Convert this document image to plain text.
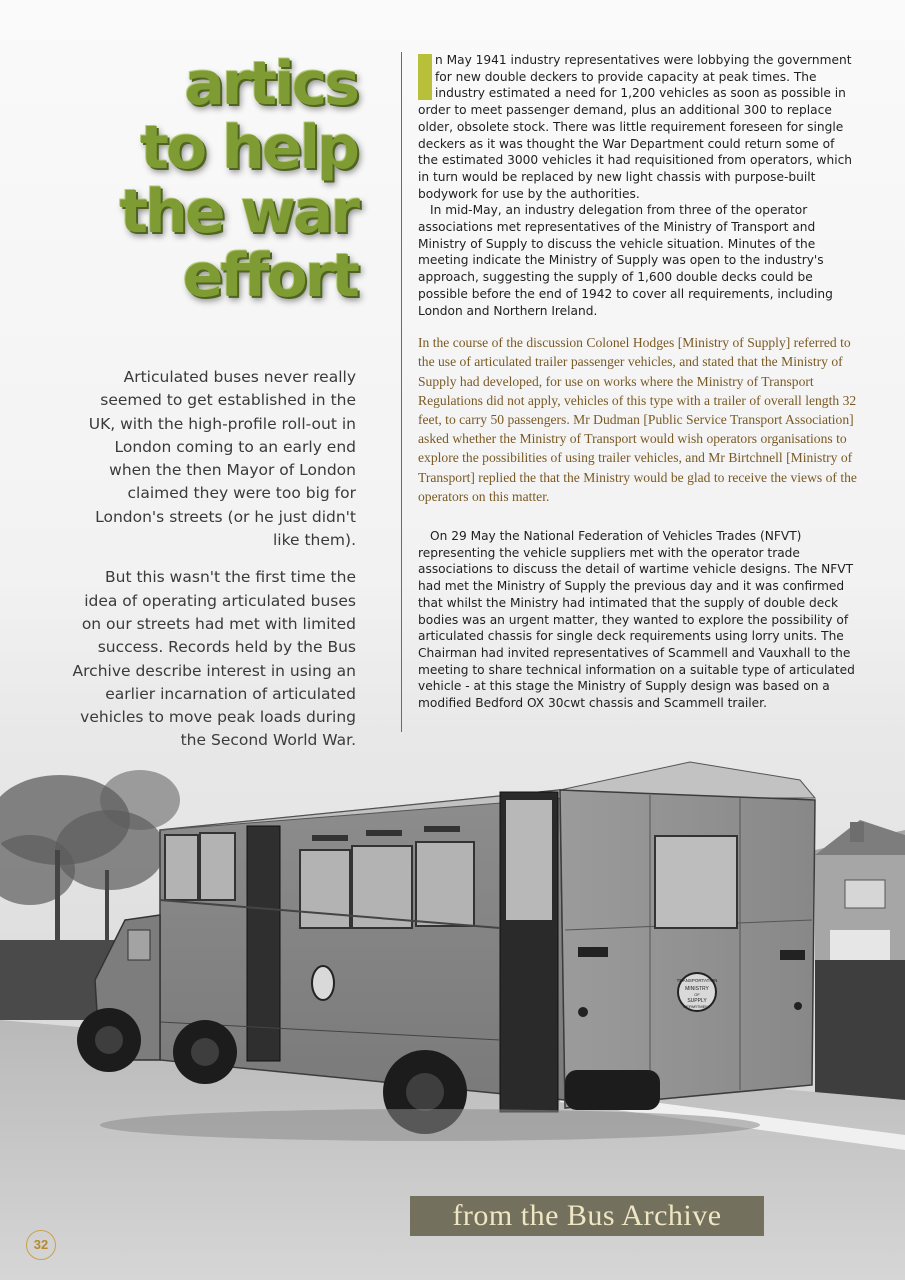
artics
to help
the war
effort

Articulated buses never really seemed to get established in the UK, with the high-profile roll-out in London coming to an early end when the then Mayor of London claimed they were too big for London's streets (or he just didn't like them).

But this wasn't the first time the idea of operating articulated buses on our streets had met with limited success. Records held by the Bus Archive describe interest in using an earlier incarnation of articulated vehicles to move peak loads during

I	n May 1941 industry representatives were lobbying the government for new double deckers to provide capacity at peak times. The industry estimated a need for 1,200 vehicles as soon as possible in order to meet passenger demand, plus an additional 300 to replace older, obsolete stock. There was little requirement foreseen for single deckers as it was thought the War Department could return some of the estimated 3000 vehicles it had requisitioned from operators, which in turn would be replaced by new light chassis with purpose-built bodywork for use by the authorities.

In mid-May, an industry delegation from three of the operator associations met representatives of the Ministry of Transport and Ministry of Supply to discuss the vehicle situation. Minutes of the meeting indicate the Ministry of Supply was open to the industry's approach, suggesting the supply of 1,600 double decks could be possible before the end of 1942 to cover all requirements, including London and Northern Ireland.

In the course of the discussion Colonel Hodges [Ministry of Supply] referred to the use of articulated trailer passenger vehicles, and stated that the Ministry of Supply had developed, for use on works where the Ministry of Transport Regulations did not apply, vehicles of this type with a trailer of overall length 32 feet, to carry 50 passengers. Mr Dudman [Public Service Transport Association] asked whether the Ministry of Transport would wish operators organisations to explore the possibilities of using trailer vehicles, and Mr Birtchnell [Ministry of Transport] replied the that the Ministry would be glad to receive the views of the operators on this matter.

On 29 May the National Federation of Vehicles Trades (NFVT) representing the vehicle suppliers met with the operator trade associations to discuss the detail of wartime vehicle designs. The NFVT had met the Ministry of Supply the previous day and it was confirmed that whilst the Ministry had intimated that the supply of double deck bodies was an urgent matter, they wanted to explore the possibility of articulated chassis for single deck requirements using lorry units. The Chairman had invited representatives of Scammell and Vauxhall to the meeting to share technical information on a suitable type of articulated vehicle - at this stage the Ministry of Supply design was based on a modified Bedford OX 30cwt chassis and Scammell trailer.

TRANSPORTATION
MINISTRY
OF
SUPPLY
DEPARTMENT
from the Bus Archive
32
